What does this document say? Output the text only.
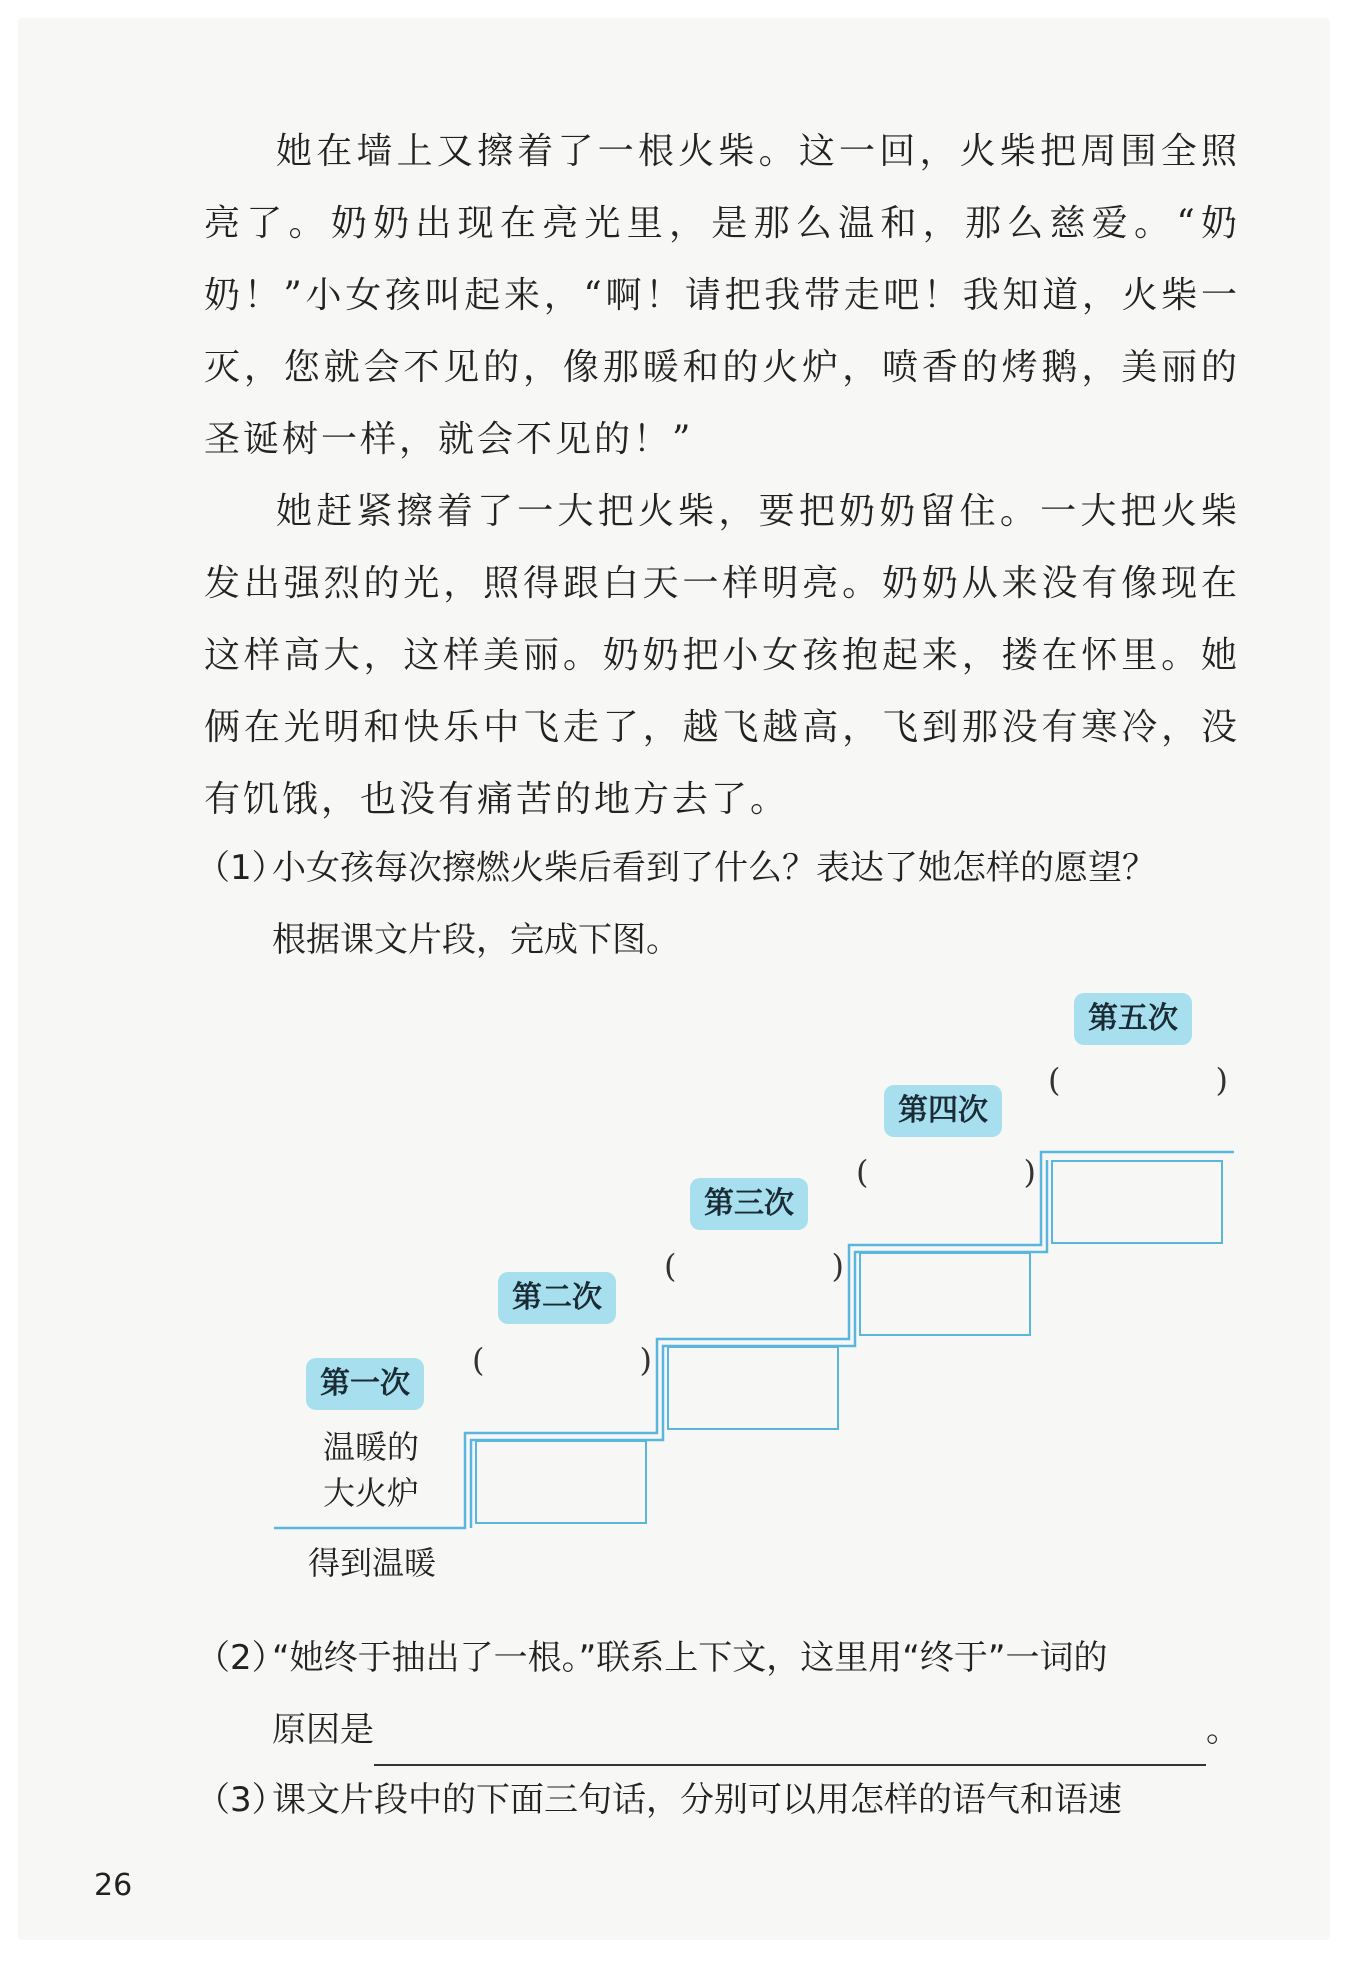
她在墙上又擦着了一根火柴。这一回，火柴把周围全照亮了。奶奶出现在亮光里，是那么温和，那么慈爱。“奶奶！”小女孩叫起来，“啊！请把我带走吧！我知道，火柴一灭，您就会不见的，像那暖和的火炉，喷香的烤鹅，美丽的圣诞树一样，就会不见的！”

她赶紧擦着了一大把火柴，要把奶奶留住。一大把火柴发出强烈的光，照得跟白天一样明亮。奶奶从来没有像现在这样高大，这样美丽。奶奶把小女孩抱起来，搂在怀里。她俩在光明和快乐中飞走了，越飞越高，飞到那没有寒冷，没有饥饿，也没有痛苦的地方去了。

（1）小女孩每次擦燃火柴后看到了什么？表达了她怎样的愿望？
根据课文片段，完成下图。
第一次
第二次
第三次
第四次
第五次
(	)
(	)
(	)
(	)
温暖的
大火炉
得到温暖
（2）“她终于抽出了一根。”联系上下文，这里用“终于”一词的
原因是	。
（3）课文片段中的下面三句话，分别可以用怎样的语气和语速
26
